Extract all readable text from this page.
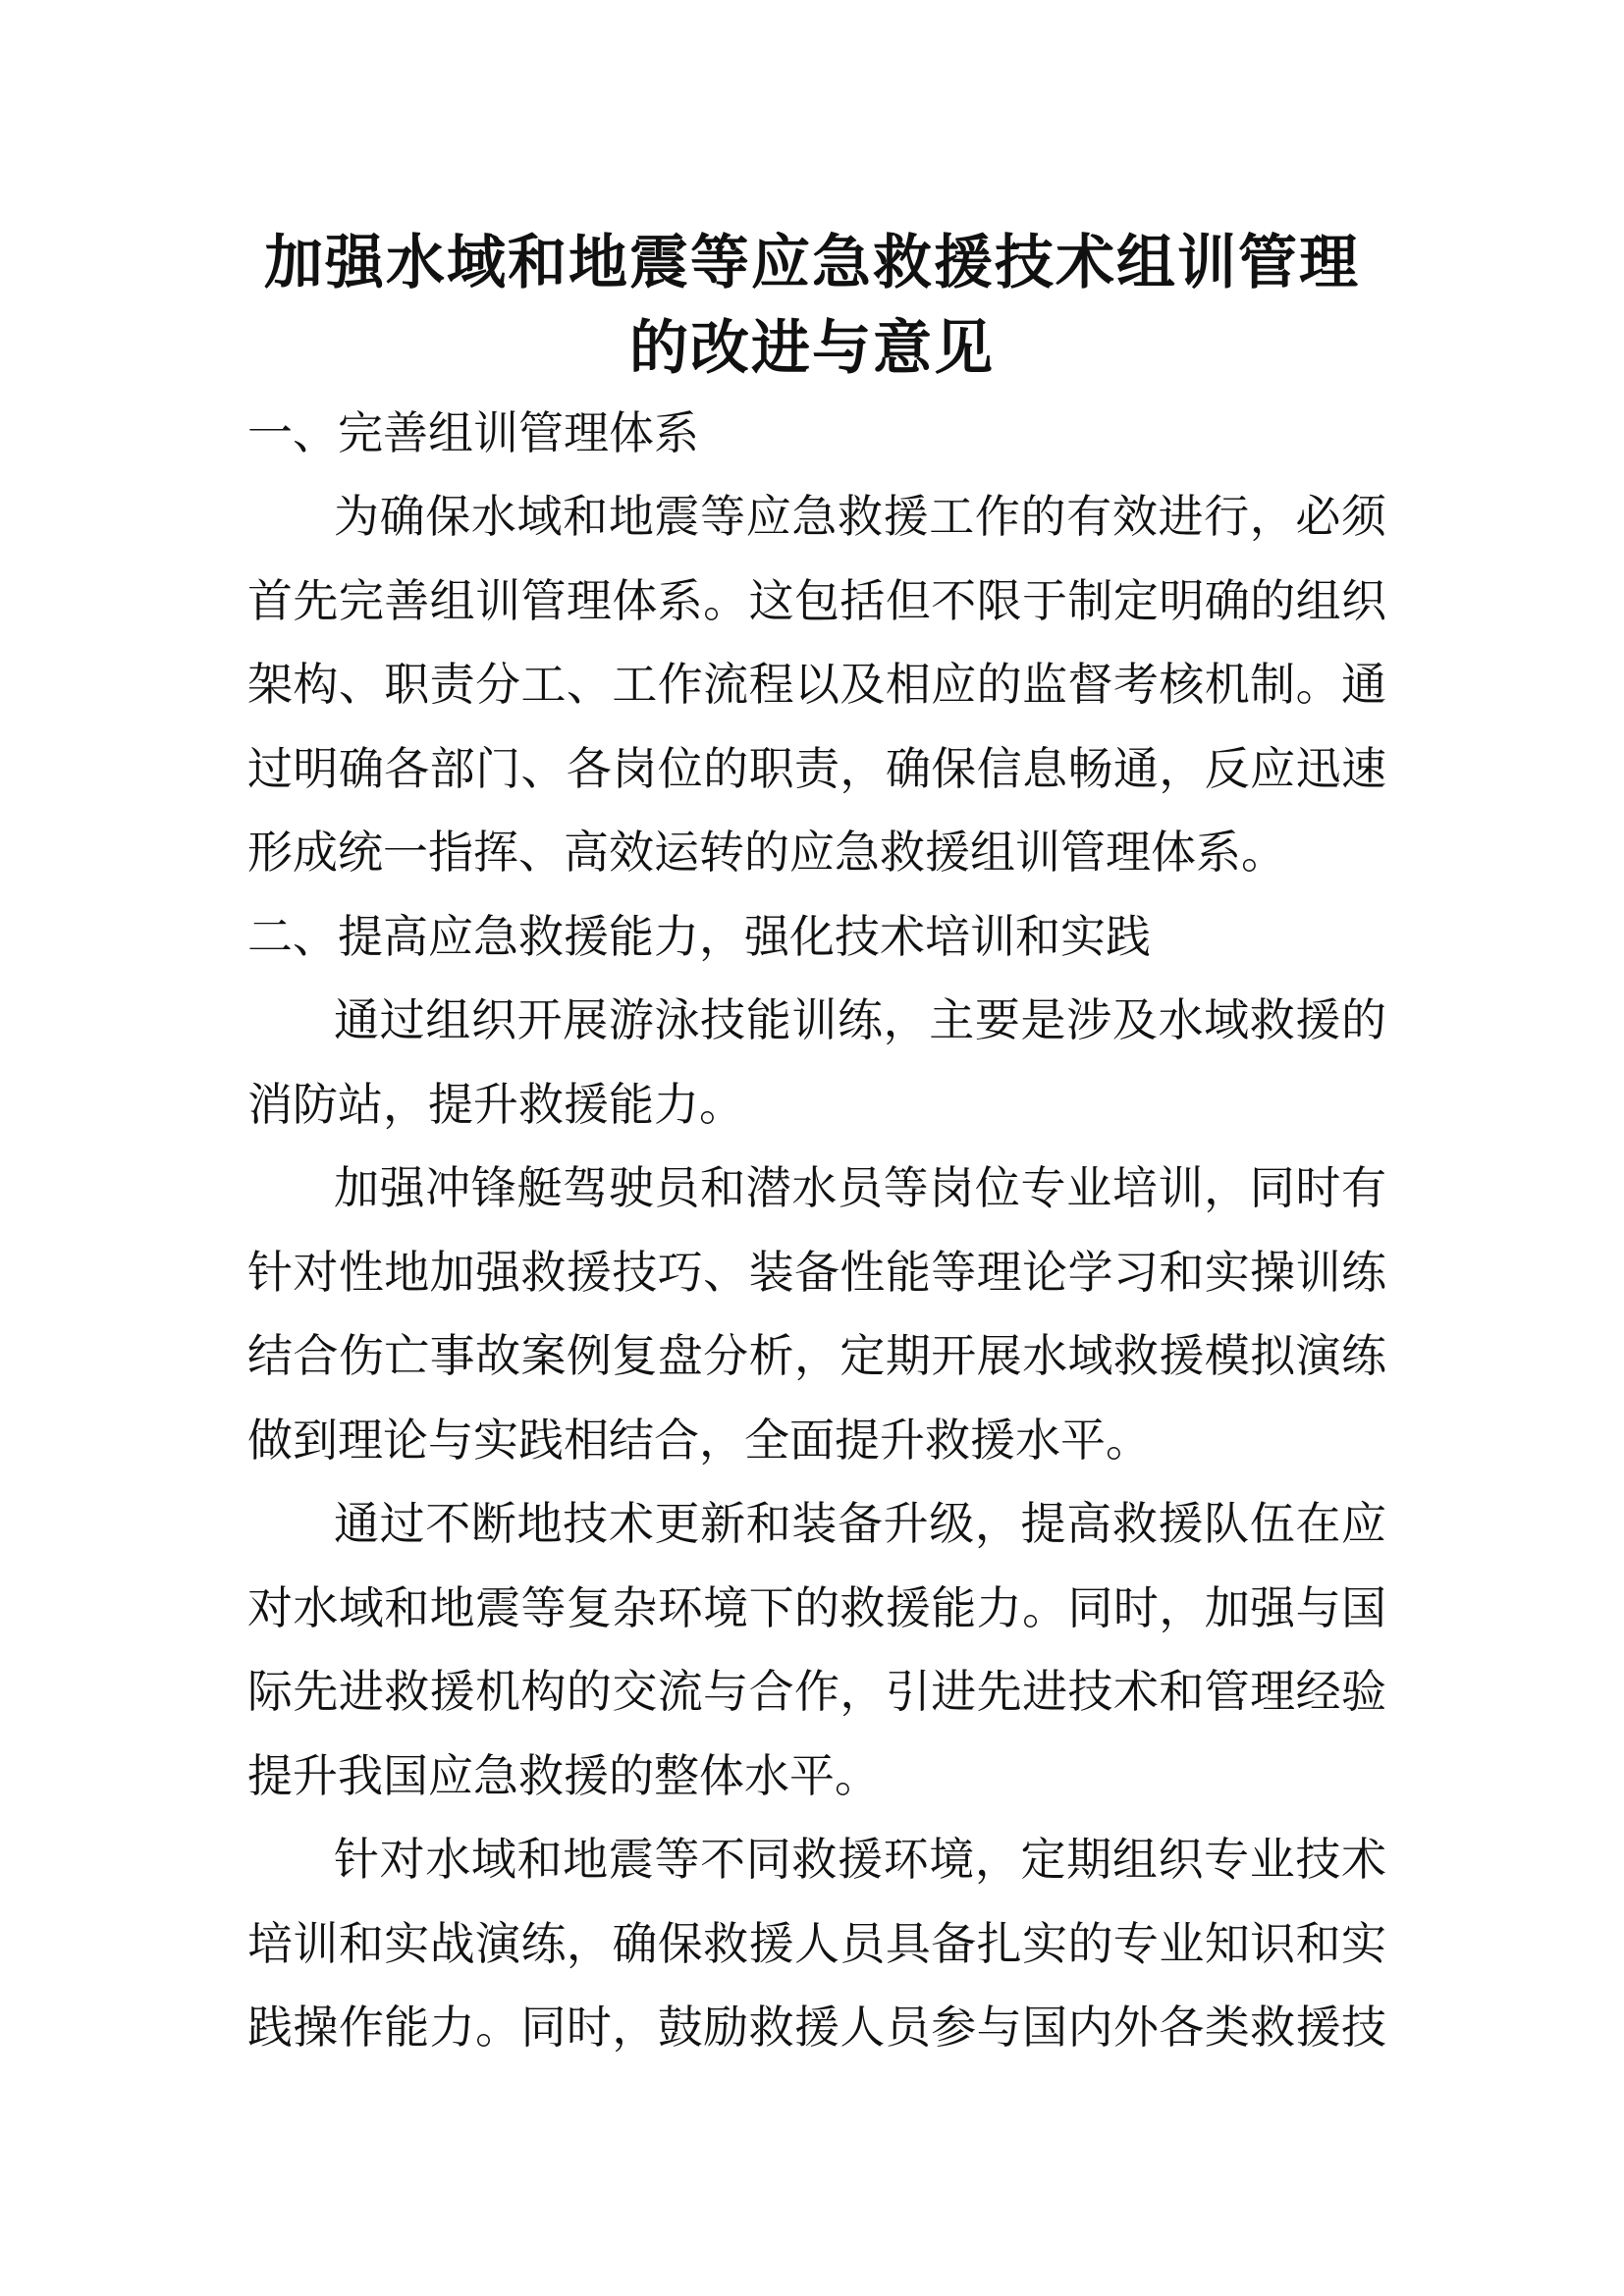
加强水域和地震等应急救援技术组训管理
的改进与意见

一、完善组训管理体系

为确保水域和地震等应急救援工作的有效进行，必须

首先完善组训管理体系。这包括但不限于制定明确的组织

架构、职责分工、工作流程以及相应的监督考核机制。通

过明确各部门、各岗位的职责，确保信息畅通，反应迅速

形成统一指挥、高效运转的应急救援组训管理体系。

二、提高应急救援能力，强化技术培训和实践

通过组织开展游泳技能训练，主要是涉及水域救援的

消防站，提升救援能力。

加强冲锋艇驾驶员和潜水员等岗位专业培训，同时有

针对性地加强救援技巧、装备性能等理论学习和实操训练

结合伤亡事故案例复盘分析，定期开展水域救援模拟演练

做到理论与实践相结合，全面提升救援水平。

通过不断地技术更新和装备升级，提高救援队伍在应

对水域和地震等复杂环境下的救援能力。同时，加强与国

际先进救援机构的交流与合作，引进先进技术和管理经验

提升我国应急救援的整体水平。

针对水域和地震等不同救援环境，定期组织专业技术

培训和实战演练，确保救援人员具备扎实的专业知识和实

践操作能力。同时，鼓励救援人员参与国内外各类救援技
